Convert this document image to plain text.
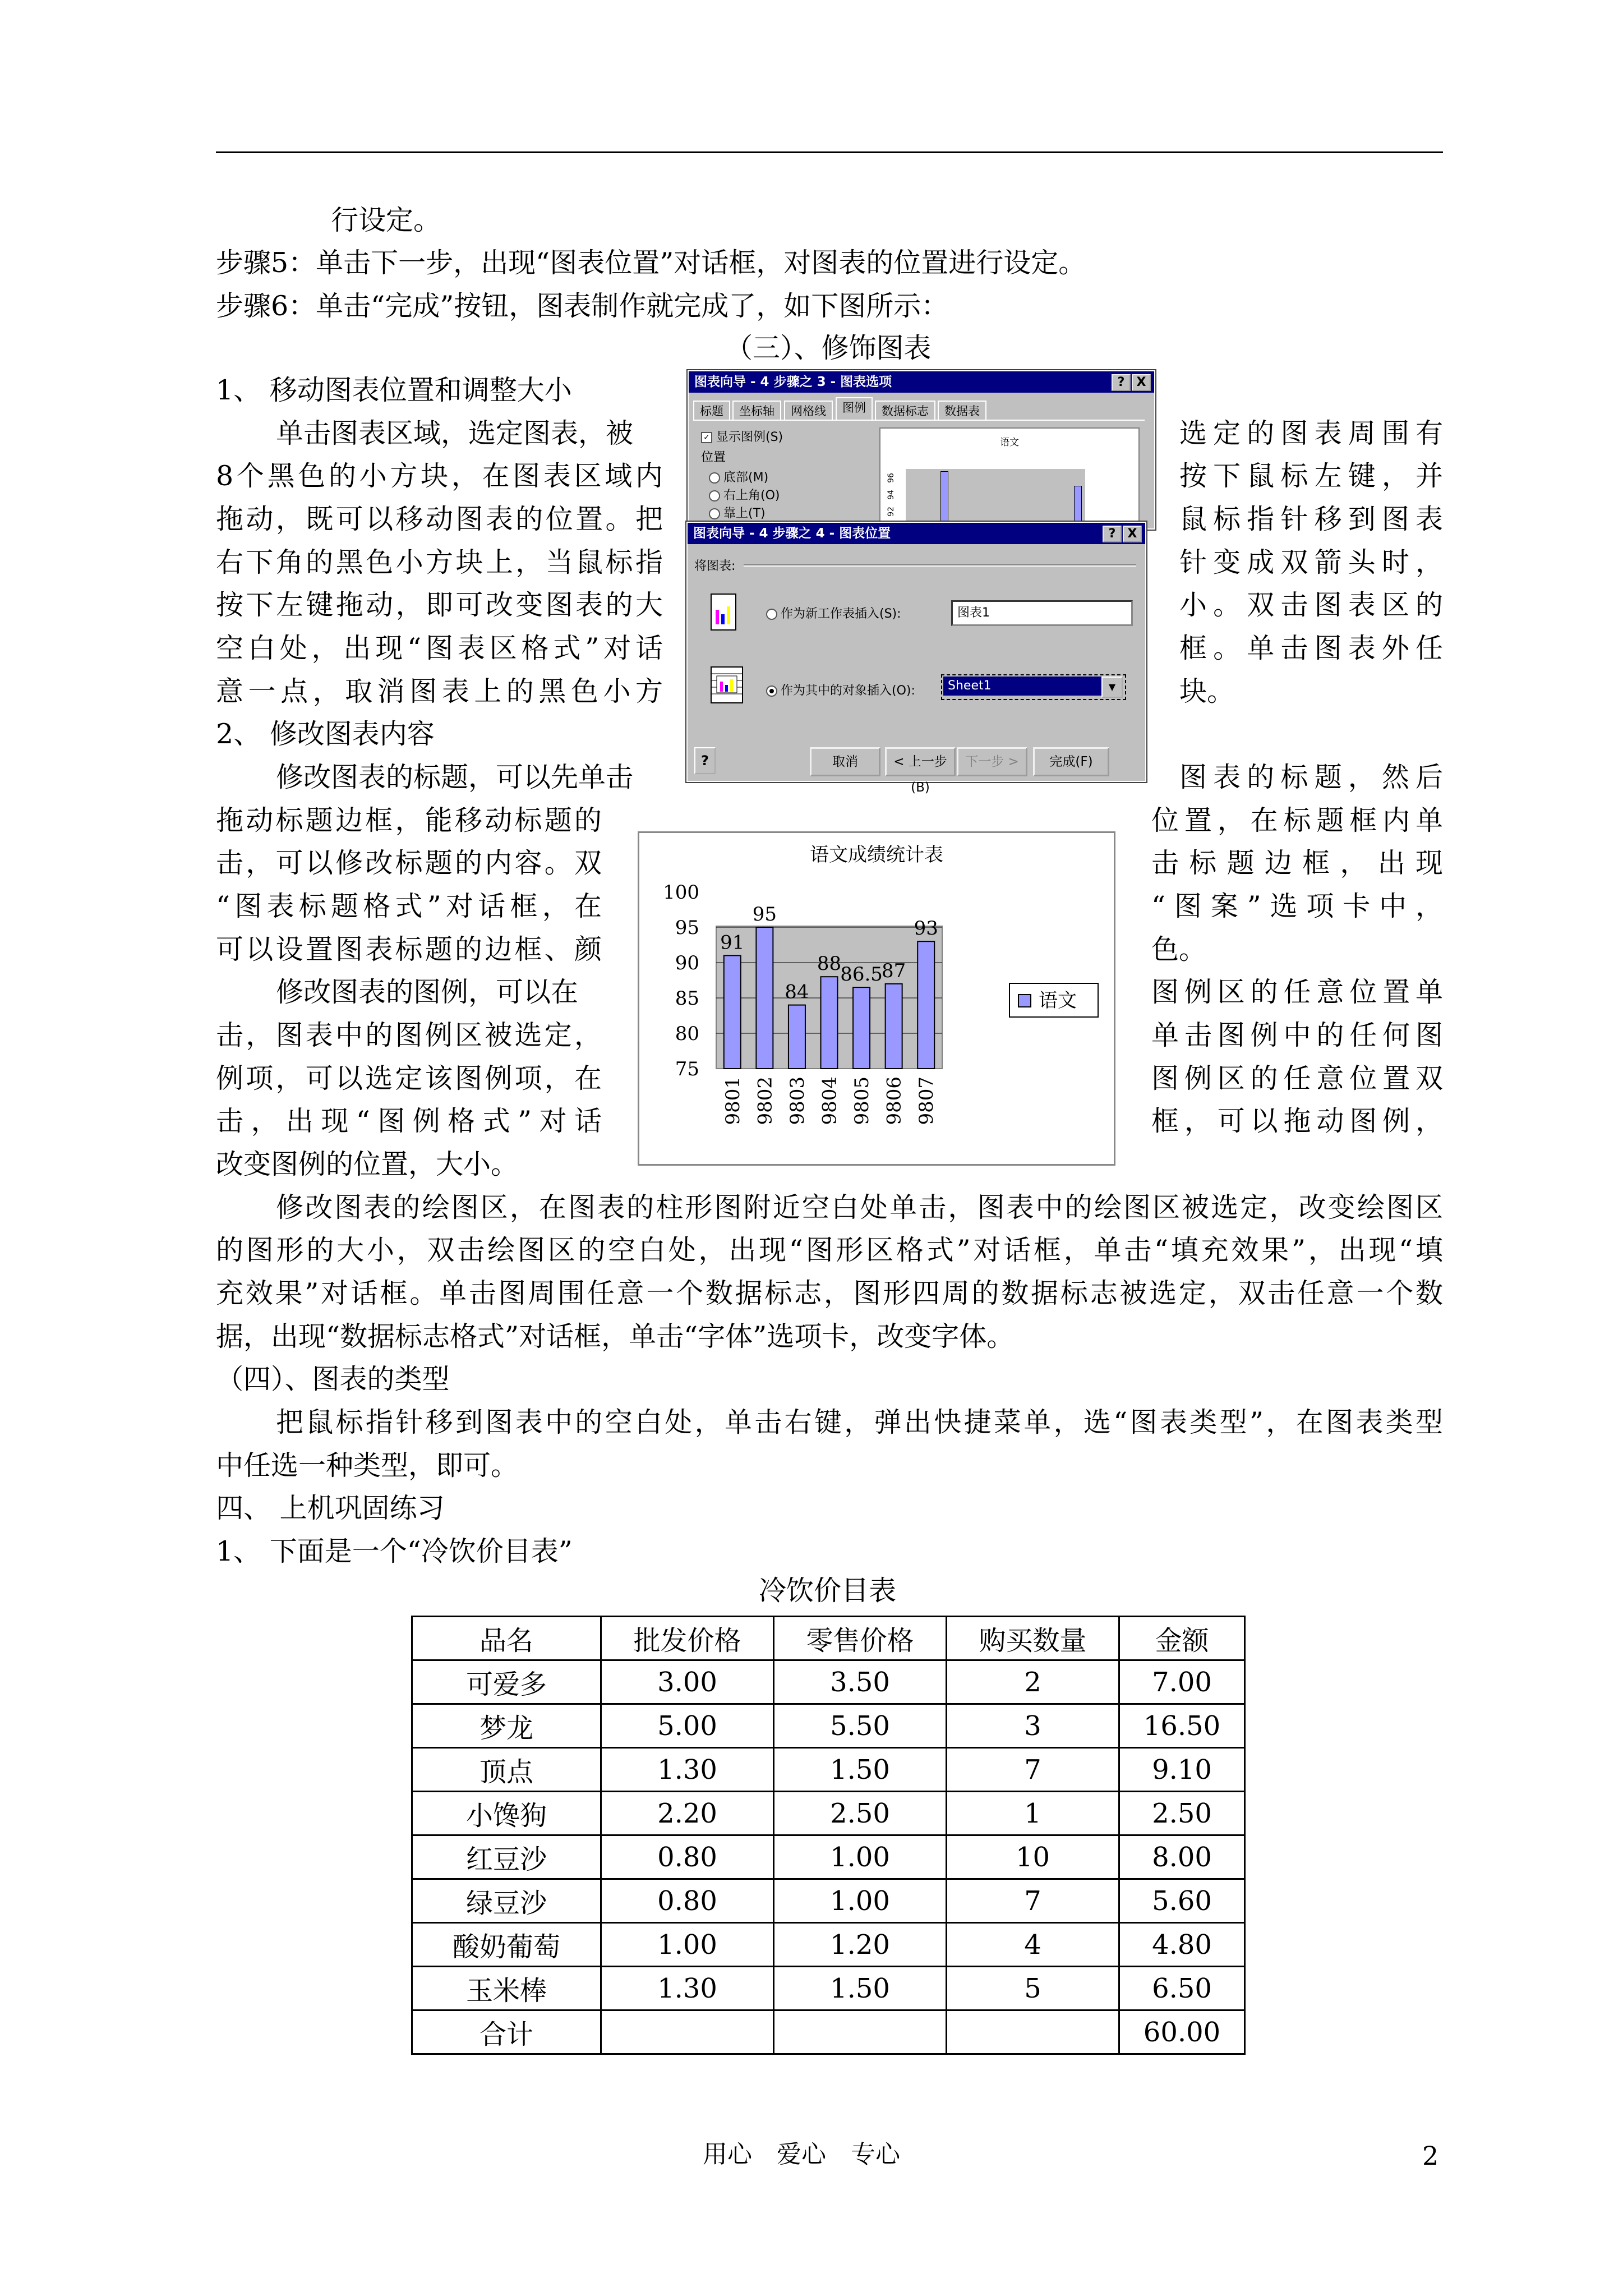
行设定。
步骤5：单击下一步，出现“图表位置”对话框，对图表的位置进行设定。
步骤6：单击“完成”按钮，图表制作就完成了，如下图所示：
（三）、修饰图表
1、 移动图表位置和调整大小
单击图表区域，选定图表，被
8个黑色的小方块，在图表区域内
拖动，既可以移动图表的位置。把
右下角的黑色小方块上，当鼠标指
按下左键拖动，即可改变图表的大
空白处，出现“图表区格式”对话
意一点，取消图表上的黑色小方
2、 修改图表内容
选定的图表周围有
按下鼠标左键，并
鼠标指针移到图表
针变成双箭头时，
小。双击图表区的
框。单击图表外任
块。
修改图表的标题，可以先单击
拖动标题边框，能移动标题的
击，可以修改标题的内容。双
“图表标题格式”对话框，在
可以设置图表标题的边框、颜
图表的标题，然后
位置，在标题框内单
击标题边框，出现
“图案”选项卡中，
色。
修改图表的图例，可以在
击，图表中的图例区被选定，
例项，可以选定该图例项，在
击，出现“图例格式”对话
改变图例的位置，大小。
图例区的任意位置单
单击图例中的任何图
图例区的任意位置双
框，可以拖动图例，
修改图表的绘图区，在图表的柱形图附近空白处单击，图表中的绘图区被选定，改变绘图区
的图形的大小，双击绘图区的空白处，出现“图形区格式”对话框，单击“填充效果”，出现“填
充效果”对话框。单击图周围任意一个数据标志，图形四周的数据标志被选定，双击任意一个数
据，出现“数据标志格式”对话框，单击“字体”选项卡，改变字体。
（四）、图表的类型
把鼠标指针移到图表中的空白处，单击右键，弹出快捷菜单，选“图表类型”，在图表类型
中任选一种类型，即可。
四、 上机巩固练习
1、 下面是一个“冷饮价目表”
图表向导 - 4 步骤之 3 - 图表选项	? X
标题	坐标轴	网格线	图例	数据标志	数据表
✓ 显示图例(S)
位置
底部(M)
右上角(O)
靠上(T)
语文
96
94
92
图表向导 - 4 步骤之 4 - 图表位置	? X
将图表:
作为新工作表插入(S):	图表1
作为其中的对象插入(O):	Sheet1	▼
?	取消	< 上一步(B)
下一步 >	完成(F)
语文成绩统计表
100
95
90
85
80
75
91
9801
95
9802
84
9803
88
9804
86.5
9805
87
9806
93
9807
语文
冷饮价目表
品名	批发价格	零售价格	购买数量	金额
可爱多	3.00	3.50	2	7.00
梦龙	5.00	5.50	3	16.50
顶点	1.30	1.50	7	9.10
小馋狗	2.20	2.50	1	2.50
红豆沙	0.80	1.00	10	8.00
绿豆沙	0.80	1.00	7	5.60
酸奶葡萄	1.00	1.20	4	4.80
玉米棒	1.30	1.50	5	6.50
合计				60.00
用心　爱心　专心	2
